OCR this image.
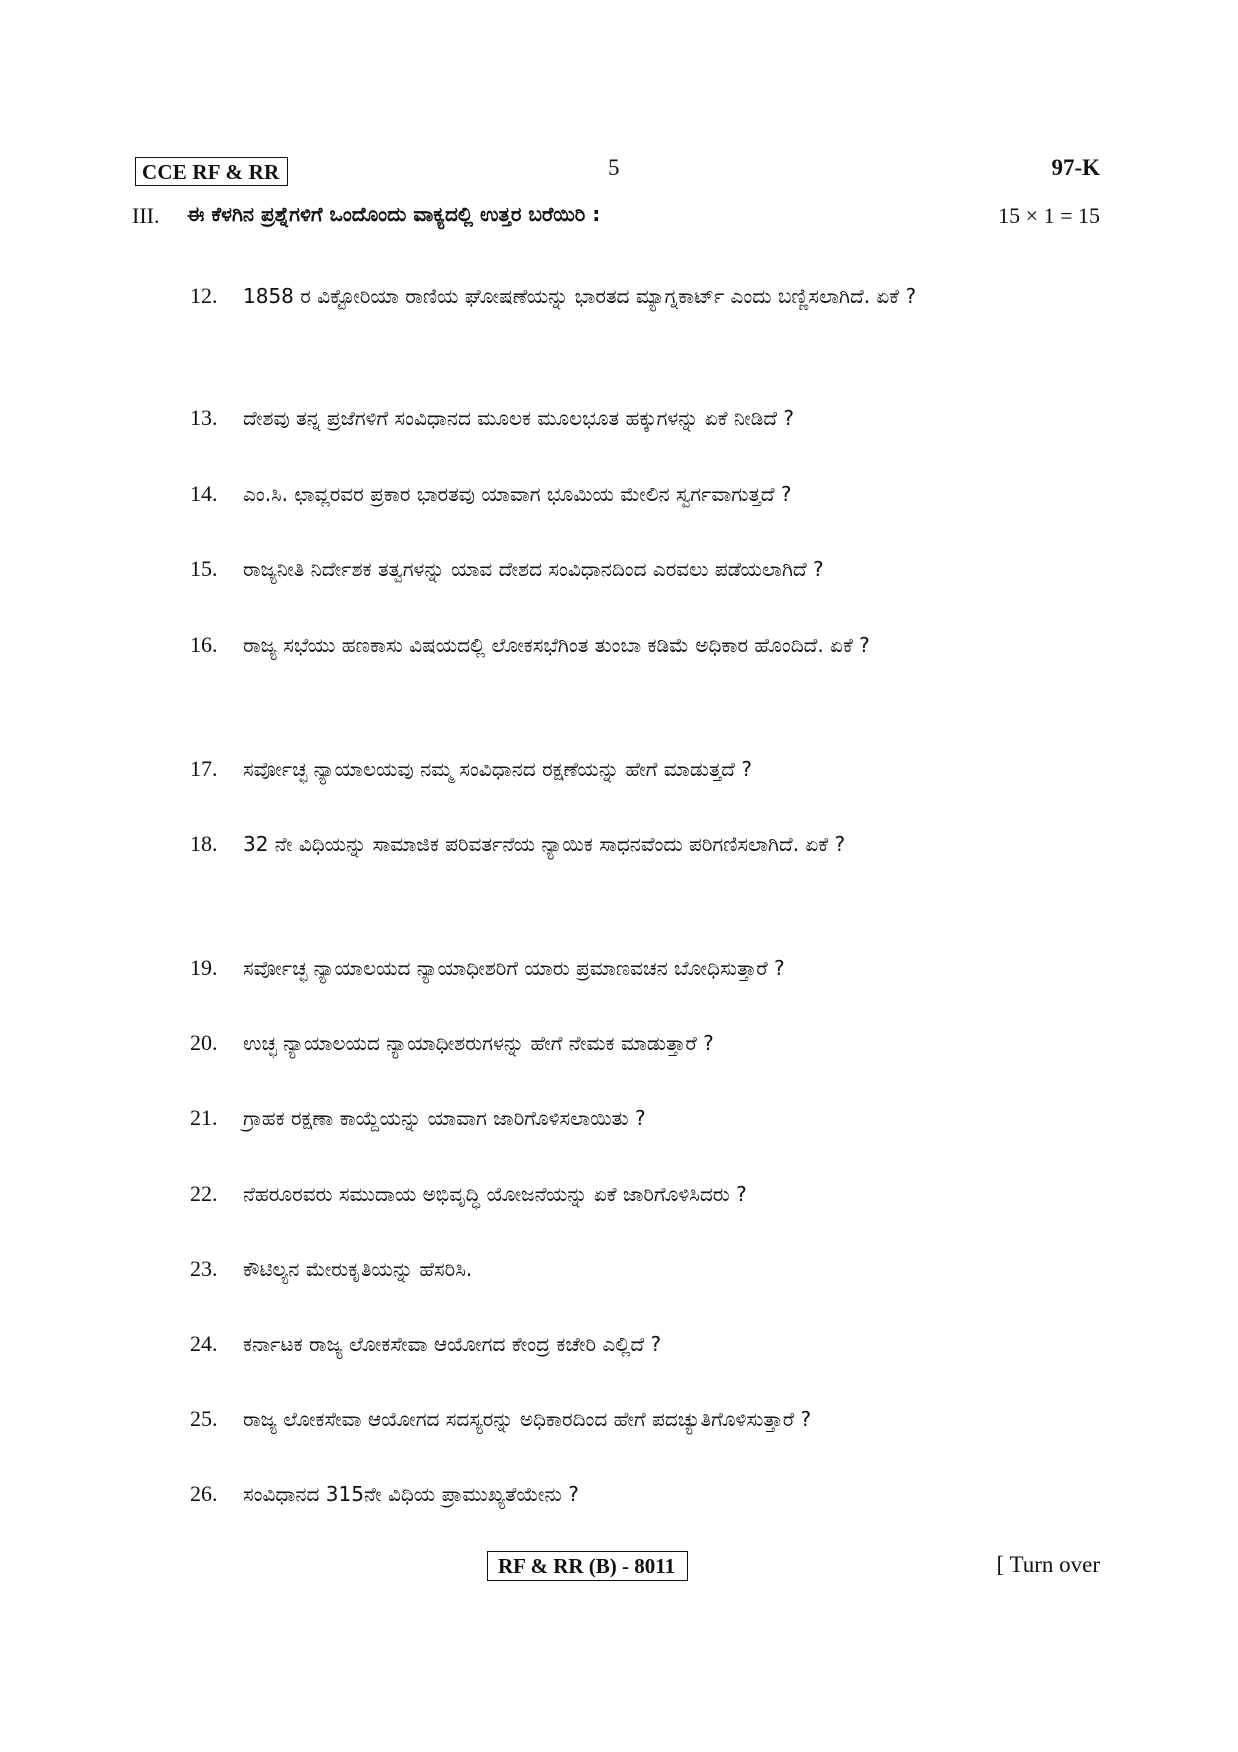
CCE RF & RR	5	97-K
III. ಈ ಕೆಳಗಿನ ಪ್ರಶ್ನೆಗಳಿಗೆ ಒಂದೊಂದು ವಾಕ್ಯದಲ್ಲಿ ಉತ್ತರ ಬರೆಯಿರಿ :	15 × 1 = 15
12. 1858 ರ ವಿಕ್ಟೋರಿಯಾ ರಾಣಿಯ ಘೋಷಣೆಯನ್ನು ಭಾರತದ ಮ್ಯಾಗ್ನಕಾರ್ಟ್ ಎಂದು ಬಣ್ಣಿಸಲಾಗಿದೆ. ಏಕೆ ?
13. ದೇಶವು ತನ್ನ ಪ್ರಜೆಗಳಿಗೆ ಸಂವಿಧಾನದ ಮೂಲಕ ಮೂಲಭೂತ ಹಕ್ಕುಗಳನ್ನು ಏಕೆ ನೀಡಿದೆ ?
14. ಎಂ.ಸಿ. ಛಾವ್ಲರವರ ಪ್ರಕಾರ ಭಾರತವು ಯಾವಾಗ ಭೂಮಿಯ ಮೇಲಿನ ಸ್ವರ್ಗವಾಗುತ್ತದೆ ?
15. ರಾಜ್ಯನೀತಿ ನಿರ್ದೇಶಕ ತತ್ವಗಳನ್ನು ಯಾವ ದೇಶದ ಸಂವಿಧಾನದಿಂದ ಎರವಲು ಪಡೆಯಲಾಗಿದೆ ?
16. ರಾಜ್ಯ ಸಭೆಯು ಹಣಕಾಸು ವಿಷಯದಲ್ಲಿ ಲೋಕಸಭೆಗಿಂತ ತುಂಬಾ ಕಡಿಮೆ ಅಧಿಕಾರ ಹೊಂದಿದೆ. ಏಕೆ ?
17. ಸರ್ವೋಚ್ಛ ನ್ಯಾಯಾಲಯವು ನಮ್ಮ ಸಂವಿಧಾನದ ರಕ್ಷಣೆಯನ್ನು ಹೇಗೆ ಮಾಡುತ್ತದೆ ?
18. 32 ನೇ ವಿಧಿಯನ್ನು ಸಾಮಾಜಿಕ ಪರಿವರ್ತನೆಯ ನ್ಯಾಯಿಕ ಸಾಧನವೆಂದು ಪರಿಗಣಿಸಲಾಗಿದೆ. ಏಕೆ ?
19. ಸರ್ವೋಚ್ಛ ನ್ಯಾಯಾಲಯದ ನ್ಯಾಯಾಧೀಶರಿಗೆ ಯಾರು ಪ್ರಮಾಣವಚನ ಬೋಧಿಸುತ್ತಾರೆ ?
20. ಉಚ್ಛ ನ್ಯಾಯಾಲಯದ ನ್ಯಾಯಾಧೀಶರುಗಳನ್ನು ಹೇಗೆ ನೇಮಕ ಮಾಡುತ್ತಾರೆ ?
21. ಗ್ರಾಹಕ ರಕ್ಷಣಾ ಕಾಯ್ದೆಯನ್ನು ಯಾವಾಗ ಜಾರಿಗೊಳಿಸಲಾಯಿತು ?
22. ನೆಹರೂರವರು ಸಮುದಾಯ ಅಭಿವೃದ್ಧಿ ಯೋಜನೆಯನ್ನು ಏಕೆ ಜಾರಿಗೊಳಿಸಿದರು ?
23. ಕೌಟಿಲ್ಯನ ಮೇರುಕೃತಿಯನ್ನು ಹೆಸರಿಸಿ.
24. ಕರ್ನಾಟಕ ರಾಜ್ಯ ಲೋಕಸೇವಾ ಆಯೋಗದ ಕೇಂದ್ರ ಕಚೇರಿ ಎಲ್ಲಿದೆ ?
25. ರಾಜ್ಯ ಲೋಕಸೇವಾ ಆಯೋಗದ ಸದಸ್ಯರನ್ನು ಅಧಿಕಾರದಿಂದ ಹೇಗೆ ಪದಚ್ಯುತಿಗೊಳಿಸುತ್ತಾರೆ ?
26. ಸಂವಿಧಾನದ 315ನೇ ವಿಧಿಯ ಪ್ರಾಮುಖ್ಯತೆಯೇನು ?
RF & RR (B) - 8011	[ Turn over
